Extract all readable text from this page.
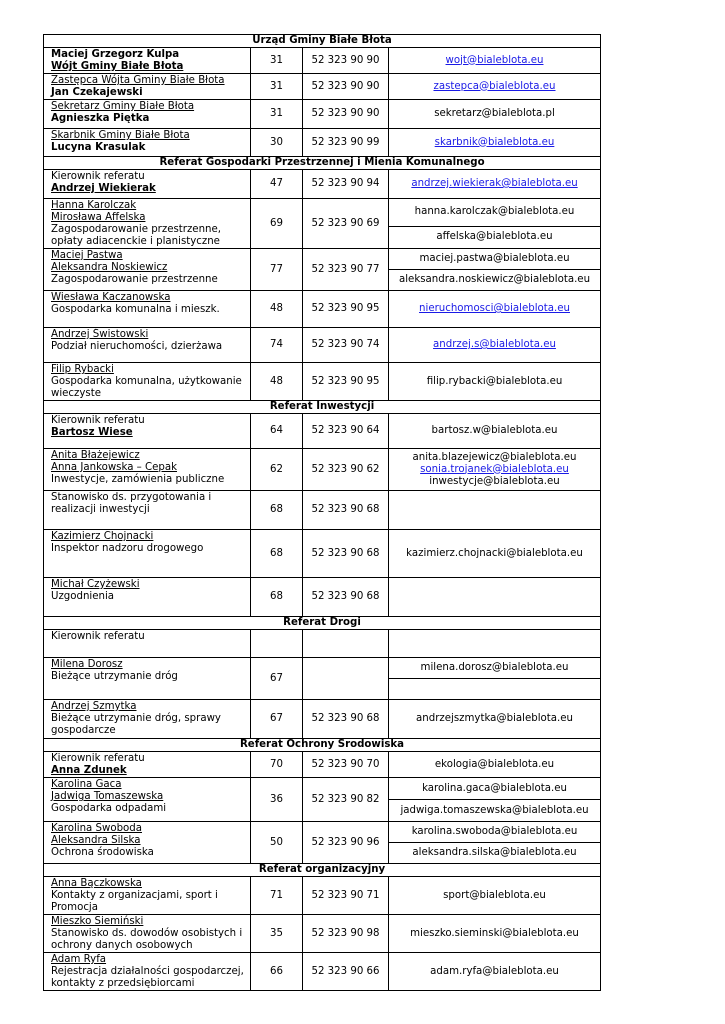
Urząd Gminy Białe Błota			

Maciej Grzegorz Kulpa
Wójt Gminy Białe Błota	31	52 323 90 90	wojt@bialeblota.eu

Zastępca Wójta Gminy Białe Błota
Jan Czekajewski	31	52 323 90 90	zastepca@bialeblota.eu

Sekretarz Gminy Białe Błota
Agnieszka Piętka	31	52 323 90 90	sekretarz@bialeblota.pl

Skarbnik Gminy Białe Błota
Lucyna Krasulak	30	52 323 90 99	skarbnik@bialeblota.eu

Referat Gospodarki Przestrzennej i Mienia Komunalnego			

Kierownik referatu
Andrzej Wiekierak	47	52 323 90 94	andrzej.wiekierak@bialeblota.eu

Hanna Karolczak
Mirosława Affelska
Zagospodarowanie przestrzenne,
opłaty adiacenckie i planistyczne	69	52 323 90 69	hanna.karolczak@bialeblota.eu

			affelska@bialeblota.eu

Maciej Pastwa
Aleksandra Noskiewicz
Zagospodarowanie przestrzenne	77	52 323 90 77	maciej.pastwa@bialeblota.eu

			aleksandra.noskiewicz@bialeblota.eu

Wiesława Kaczanowska
Gospodarka komunalna i mieszk.	48	52 323 90 95	nieruchomosci@bialeblota.eu

Andrzej Świstowski
Podział nieruchomości, dzierżawa	74	52 323 90 74	andrzej.s@bialeblota.eu

Filip Rybacki
Gospodarka komunalna, użytkowanie
wieczyste	48	52 323 90 95	filip.rybacki@bialeblota.eu

Referat Inwestycji			

Kierownik referatu
Bartosz Wiese	64	52 323 90 64	bartosz.w@bialeblota.eu

Anita Błażejewicz
Anna Jankowska – Cepak
Inwestycje, zamówienia publiczne	62	52 323 90 62	anita.blazejewicz@bialeblota.eu
sonia.trojanek@bialeblota.eu
inwestycje@bialeblota.eu

Stanowisko ds. przygotowania i
realizacji inwestycji	68	52 323 90 68	

Kazimierz Chojnacki
Inspektor nadzoru drogowego	68	52 323 90 68	kazimierz.chojnacki@bialeblota.eu

Michał Czyżewski
Uzgodnienia	68	52 323 90 68	
Referat Drogi			

Kierownik referatu			

Milena Dorosz
Bieżące utrzymanie dróg	67		milena.dorosz@bialeblota.eu

Andrzej Szmytka
Bieżące utrzymanie dróg, sprawy
gospodarcze	67	52 323 90 68	andrzejszmytka@bialeblota.eu

Referat Ochrony Środowiska			

Kierownik referatu
Anna Zdunek	70	52 323 90 70	ekologia@bialeblota.eu

Karolina Gaca
Jadwiga Tomaszewska
Gospodarka odpadami	36	52 323 90 82	karolina.gaca@bialeblota.eu

			jadwiga.tomaszewska@bialeblota.eu

Karolina Swoboda
Aleksandra Silska
Ochrona środowiska	50	52 323 90 96	karolina.swoboda@bialeblota.eu

			aleksandra.silska@bialeblota.eu

Referat organizacyjny			

Anna Bączkowska
Kontakty z organizacjami, sport i
Promocja	71	52 323 90 71	sport@bialeblota.eu

Mieszko Siemiński
Stanowisko ds. dowodów osobistych i
ochrony danych osobowych	35	52 323 90 98	mieszko.sieminski@bialeblota.eu

Adam Ryfa
Rejestracja działalności gospodarczej,
kontakty z przedsiębiorcami	66	52 323 90 66	adam.ryfa@bialeblota.eu
